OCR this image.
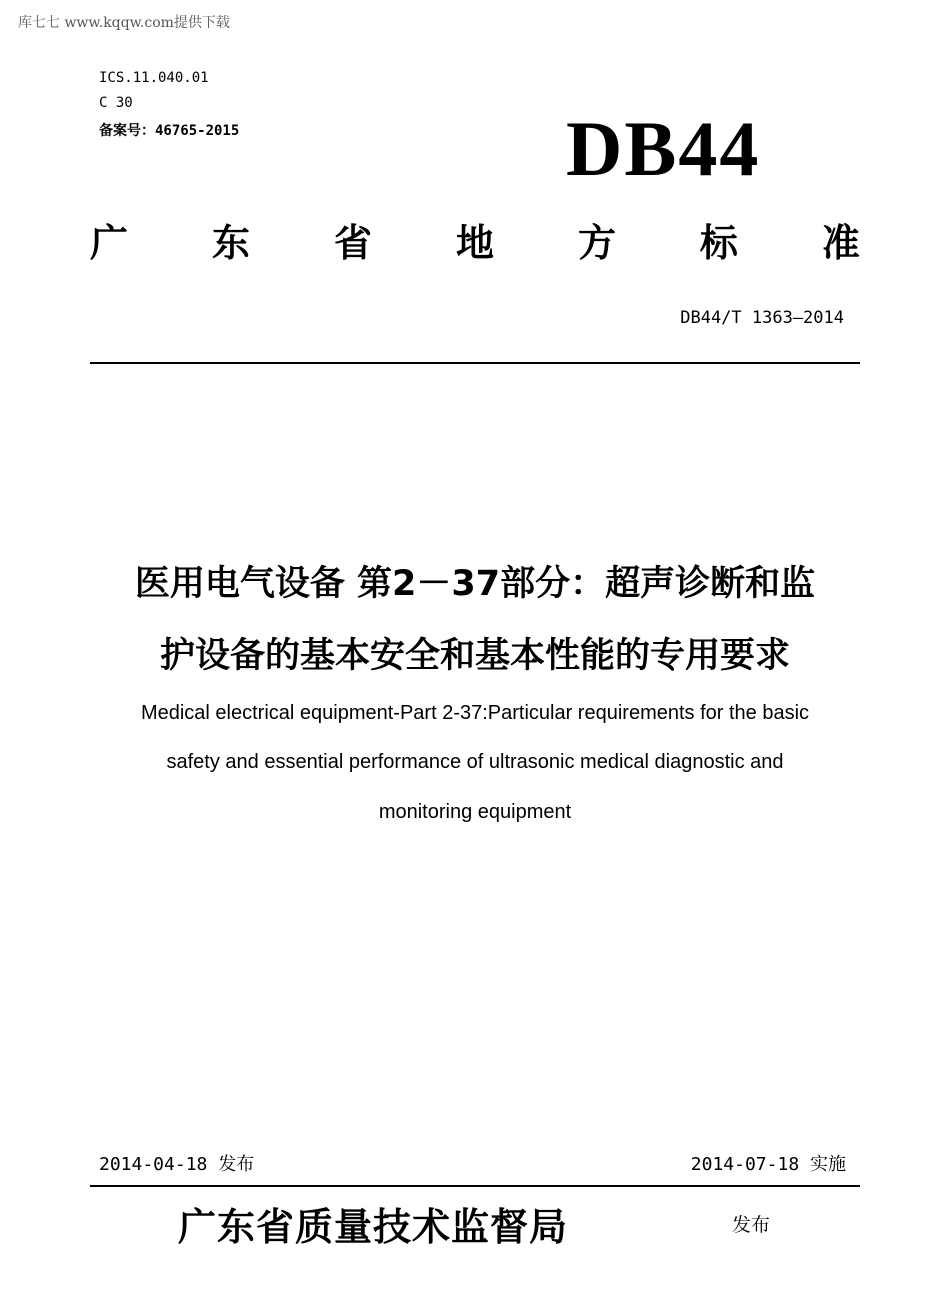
库七七 www.kqqw.com提供下载
ICS.11.040.01
C 30
备案号：46765-2015	DB44
广 东 省 地 方 标 准
DB44/T 1363—2014
医用电气设备 第2－37部分：超声诊断和监
护设备的基本安全和基本性能的专用要求
Medical electrical equipment-Part 2-37:Particular requirements for the basic
safety and essential performance of ultrasonic medical diagnostic and
monitoring equipment
2014-04-18 发布	2014-07-18 实施
广东省质量技术监督局	发布
